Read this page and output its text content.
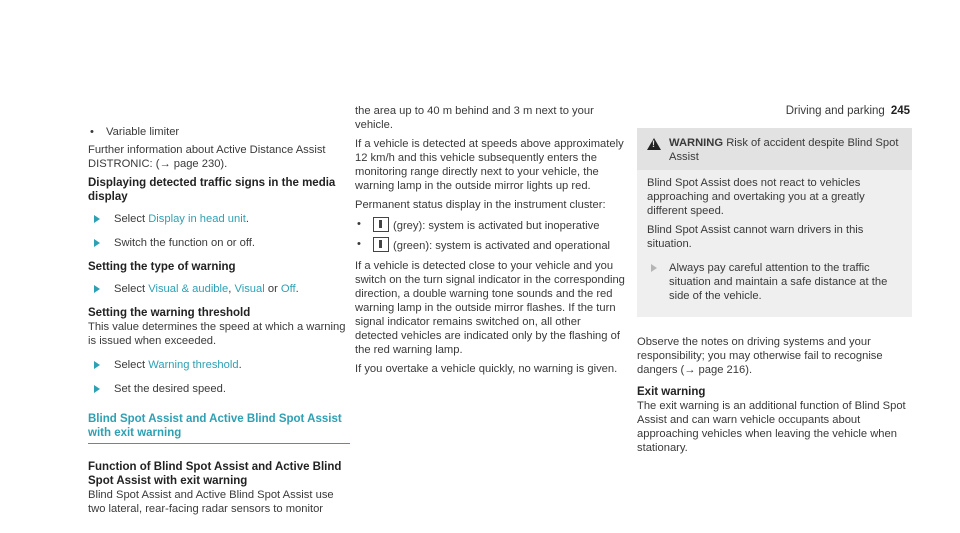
Driving and parking 245
• Variable limiter

Further information about Active Distance Assist DISTRONIC: (→ page 230).

Displaying detected traffic signs in the media display
Select Display in head unit.
Switch the function on or off.
Setting the type of warning
Select Visual & audible, Visual or Off.
Setting the warning threshold

This value determines the speed at which a warning is issued when exceeded.

Select Warning threshold.
Set the desired speed.
Blind Spot Assist and Active Blind Spot Assist with exit warning
Function of Blind Spot Assist and Active Blind Spot Assist with exit warning

Blind Spot Assist and Active Blind Spot Assist use two lateral, rear-facing radar sensors to monitor

the area up to 40 m behind and 3 m next to your vehicle.

If a vehicle is detected at speeds above approximately 12 km/h and this vehicle subsequently enters the monitoring range directly next to your vehicle, the warning lamp in the outside mirror lights up red.

Permanent status display in the instrument cluster:

• (grey): system is activated but inoperative
• (green): system is activated and operational

If a vehicle is detected close to your vehicle and you switch on the turn signal indicator in the corresponding direction, a double warning tone sounds and the red warning lamp in the outside mirror flashes. If the turn signal indicator remains switched on, all other detected vehicles are indicated only by the flashing of the red warning lamp.

If you overtake a vehicle quickly, no warning is given.

!
WARNING Risk of accident despite Blind Spot Assist

Blind Spot Assist does not react to vehicles approaching and overtaking you at a greatly different speed.

Blind Spot Assist cannot warn drivers in this situation.

Always pay careful attention to the traffic situation and maintain a safe distance at the side of the vehicle.

Observe the notes on driving systems and your responsibility; you may otherwise fail to recognise dangers (→ page 216).

Exit warning

The exit warning is an additional function of Blind Spot Assist and can warn vehicle occupants about approaching vehicles when leaving the vehicle when stationary.
